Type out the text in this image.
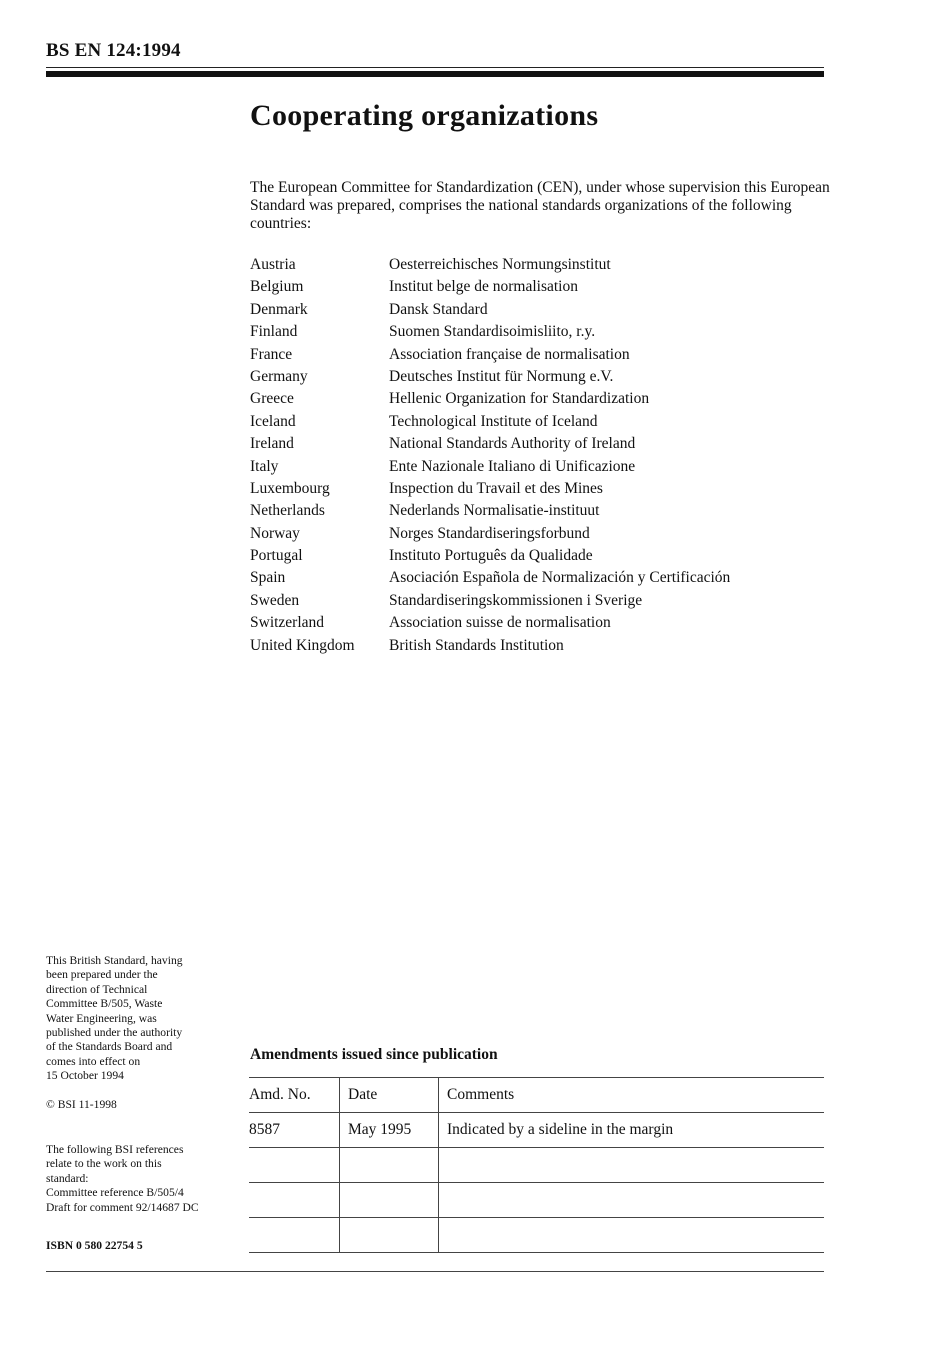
BS EN 124:1994
Cooperating organizations

The European Committee for Standardization (CEN), under whose supervision this European Standard was prepared, comprises the national standards organizations of the following countries:

Austria	Oesterreichisches Normungsinstitut
Belgium	Institut belge de normalisation
Denmark	Dansk Standard
Finland	Suomen Standardisoimisliito, r.y.
France	Association française de normalisation
Germany	Deutsches Institut für Normung e.V.
Greece	Hellenic Organization for Standardization
Iceland	Technological Institute of Iceland
Ireland	National Standards Authority of Ireland
Italy	Ente Nazionale Italiano di Unificazione
Luxembourg	Inspection du Travail et des Mines
Netherlands	Nederlands Normalisatie-instituut
Norway	Norges Standardiseringsforbund
Portugal	Instituto Português da Qualidade
Spain	Asociación Española de Normalización y Certificación
Sweden	Standardiseringskommissionen i Sverige
Switzerland	Association suisse de normalisation
United Kingdom	British Standards Institution
This British Standard, having
been prepared under the
direction of Technical
Committee B/505, Waste
Water Engineering, was
published under the authority
of the Standards Board and
comes into effect on
15 October 1994
© BSI 11-1998
The following BSI references
relate to the work on this
standard:
Committee reference B/505/4
Draft for comment 92/14687 DC
ISBN 0 580 22754 5
Amendments issued since publication
Amd. No.	Date	Comments
8587	May 1995	Indicated by a sideline in the margin
